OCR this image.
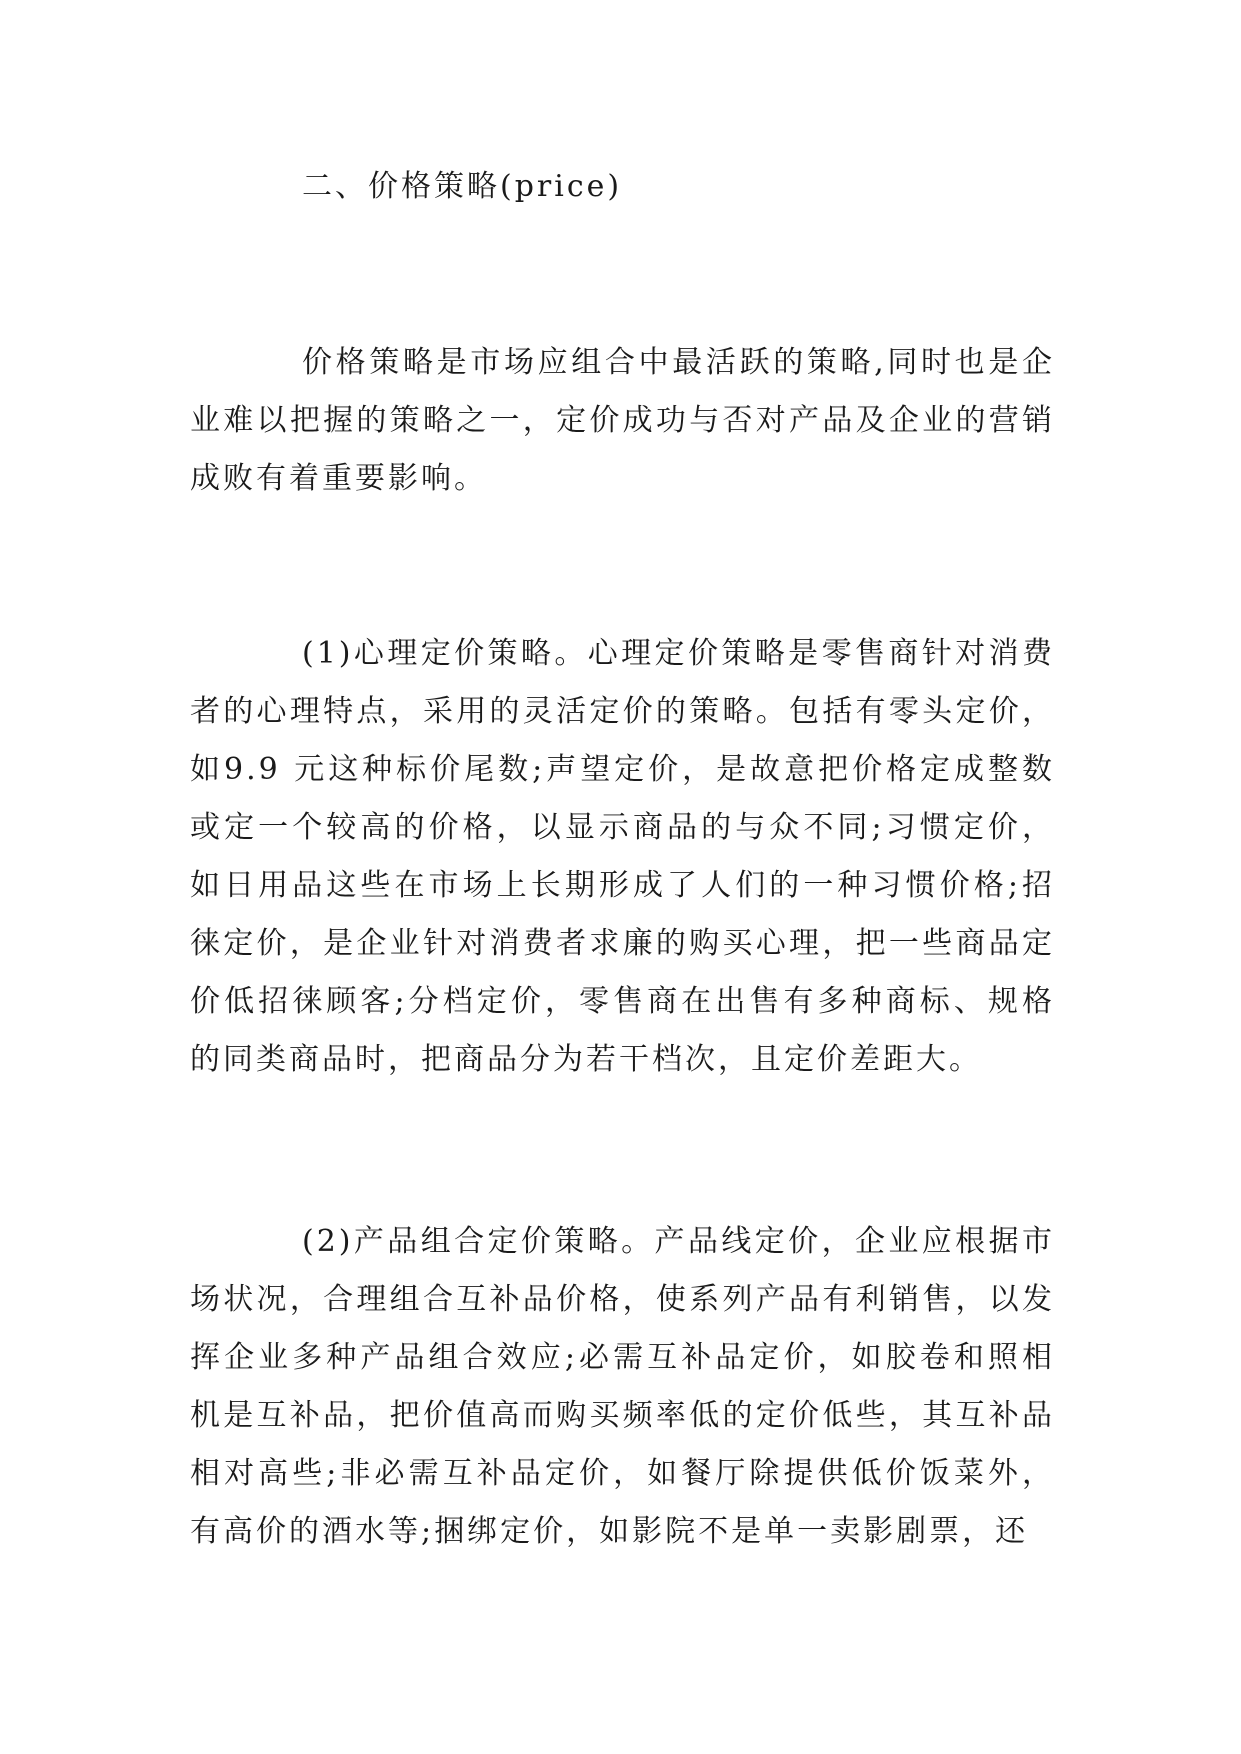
二、价格策略(price)

价格策略是市场应组合中最活跃的策略,同时也是企业难以把握的策略之一，定价成功与否对产品及企业的营销成败有着重要影响。

(1)心理定价策略。心理定价策略是零售商针对消费者的心理特点，采用的灵活定价的策略。包括有零头定价，如9.9 元这种标价尾数;声望定价，是故意把价格定成整数或定一个较高的价格，以显示商品的与众不同;习惯定价，如日用品这些在市场上长期形成了人们的一种习惯价格;招徕定价，是企业针对消费者求廉的购买心理，把一些商品定价低招徕顾客;分档定价，零售商在出售有多种商标、规格的同类商品时，把商品分为若干档次，且定价差距大。

(2)产品组合定价策略。产品线定价，企业应根据市场状况，合理组合互补品价格，使系列产品有利销售，以发挥企业多种产品组合效应;必需互补品定价，如胶卷和照相机是互补品，把价值高而购买频率低的定价低些，其互补品相对高些;非必需互补品定价，如餐厅除提供低价饭菜外，有高价的酒水等;捆绑定价，如影院不是单一卖影剧票，还
